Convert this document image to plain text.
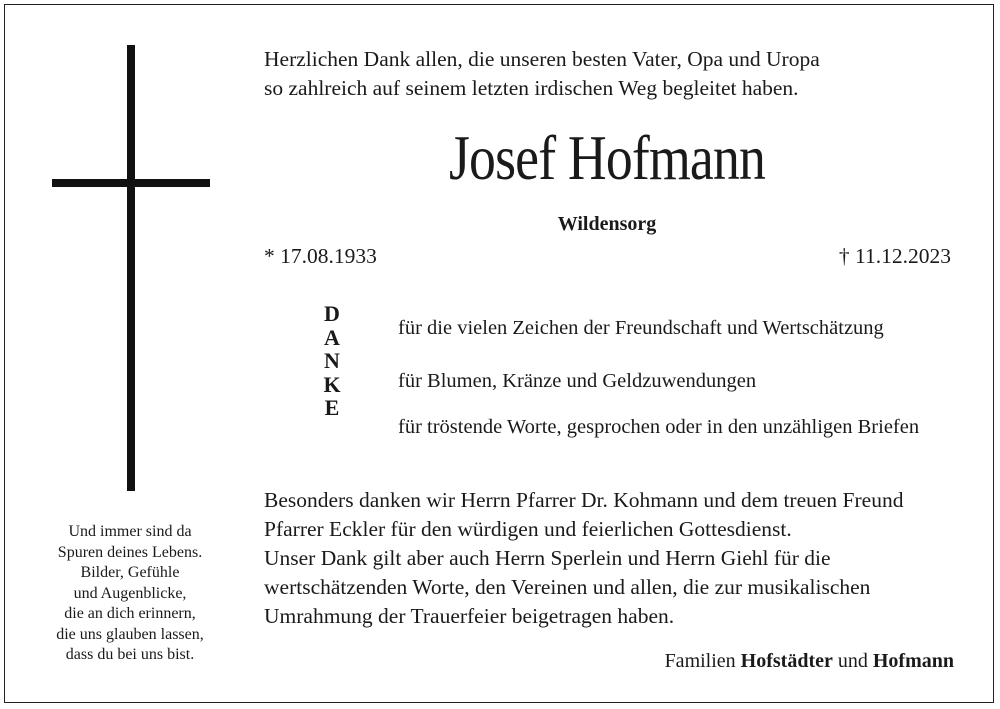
Und immer sind da
Spuren deines Lebens.
Bilder, Gefühle
und Augenblicke,
die an dich erinnern,
die uns glauben lassen,
dass du bei uns bist.
Herzlichen Dank allen, die unseren besten Vater, Opa und Uropa
so zahlreich auf seinem letzten irdischen Weg begleitet haben.
Josef Hofmann
Wildensorg
* 17.08.1933	† 11.12.2023
D
A
N
K
E
für die vielen Zeichen der Freundschaft und Wertschätzung
für Blumen, Kränze und Geldzuwendungen
für tröstende Worte, gesprochen oder in den unzähligen Briefen
Besonders danken wir Herrn Pfarrer Dr. Kohmann und dem treuen Freund
Pfarrer Eckler für den würdigen und feierlichen Gottesdienst.
Unser Dank gilt aber auch Herrn Sperlein und Herrn Giehl für die
wertschätzenden Worte, den Vereinen und allen, die zur musikalischen
Umrahmung der Trauerfeier beigetragen haben.
Familien Hofstädter und Hofmann
